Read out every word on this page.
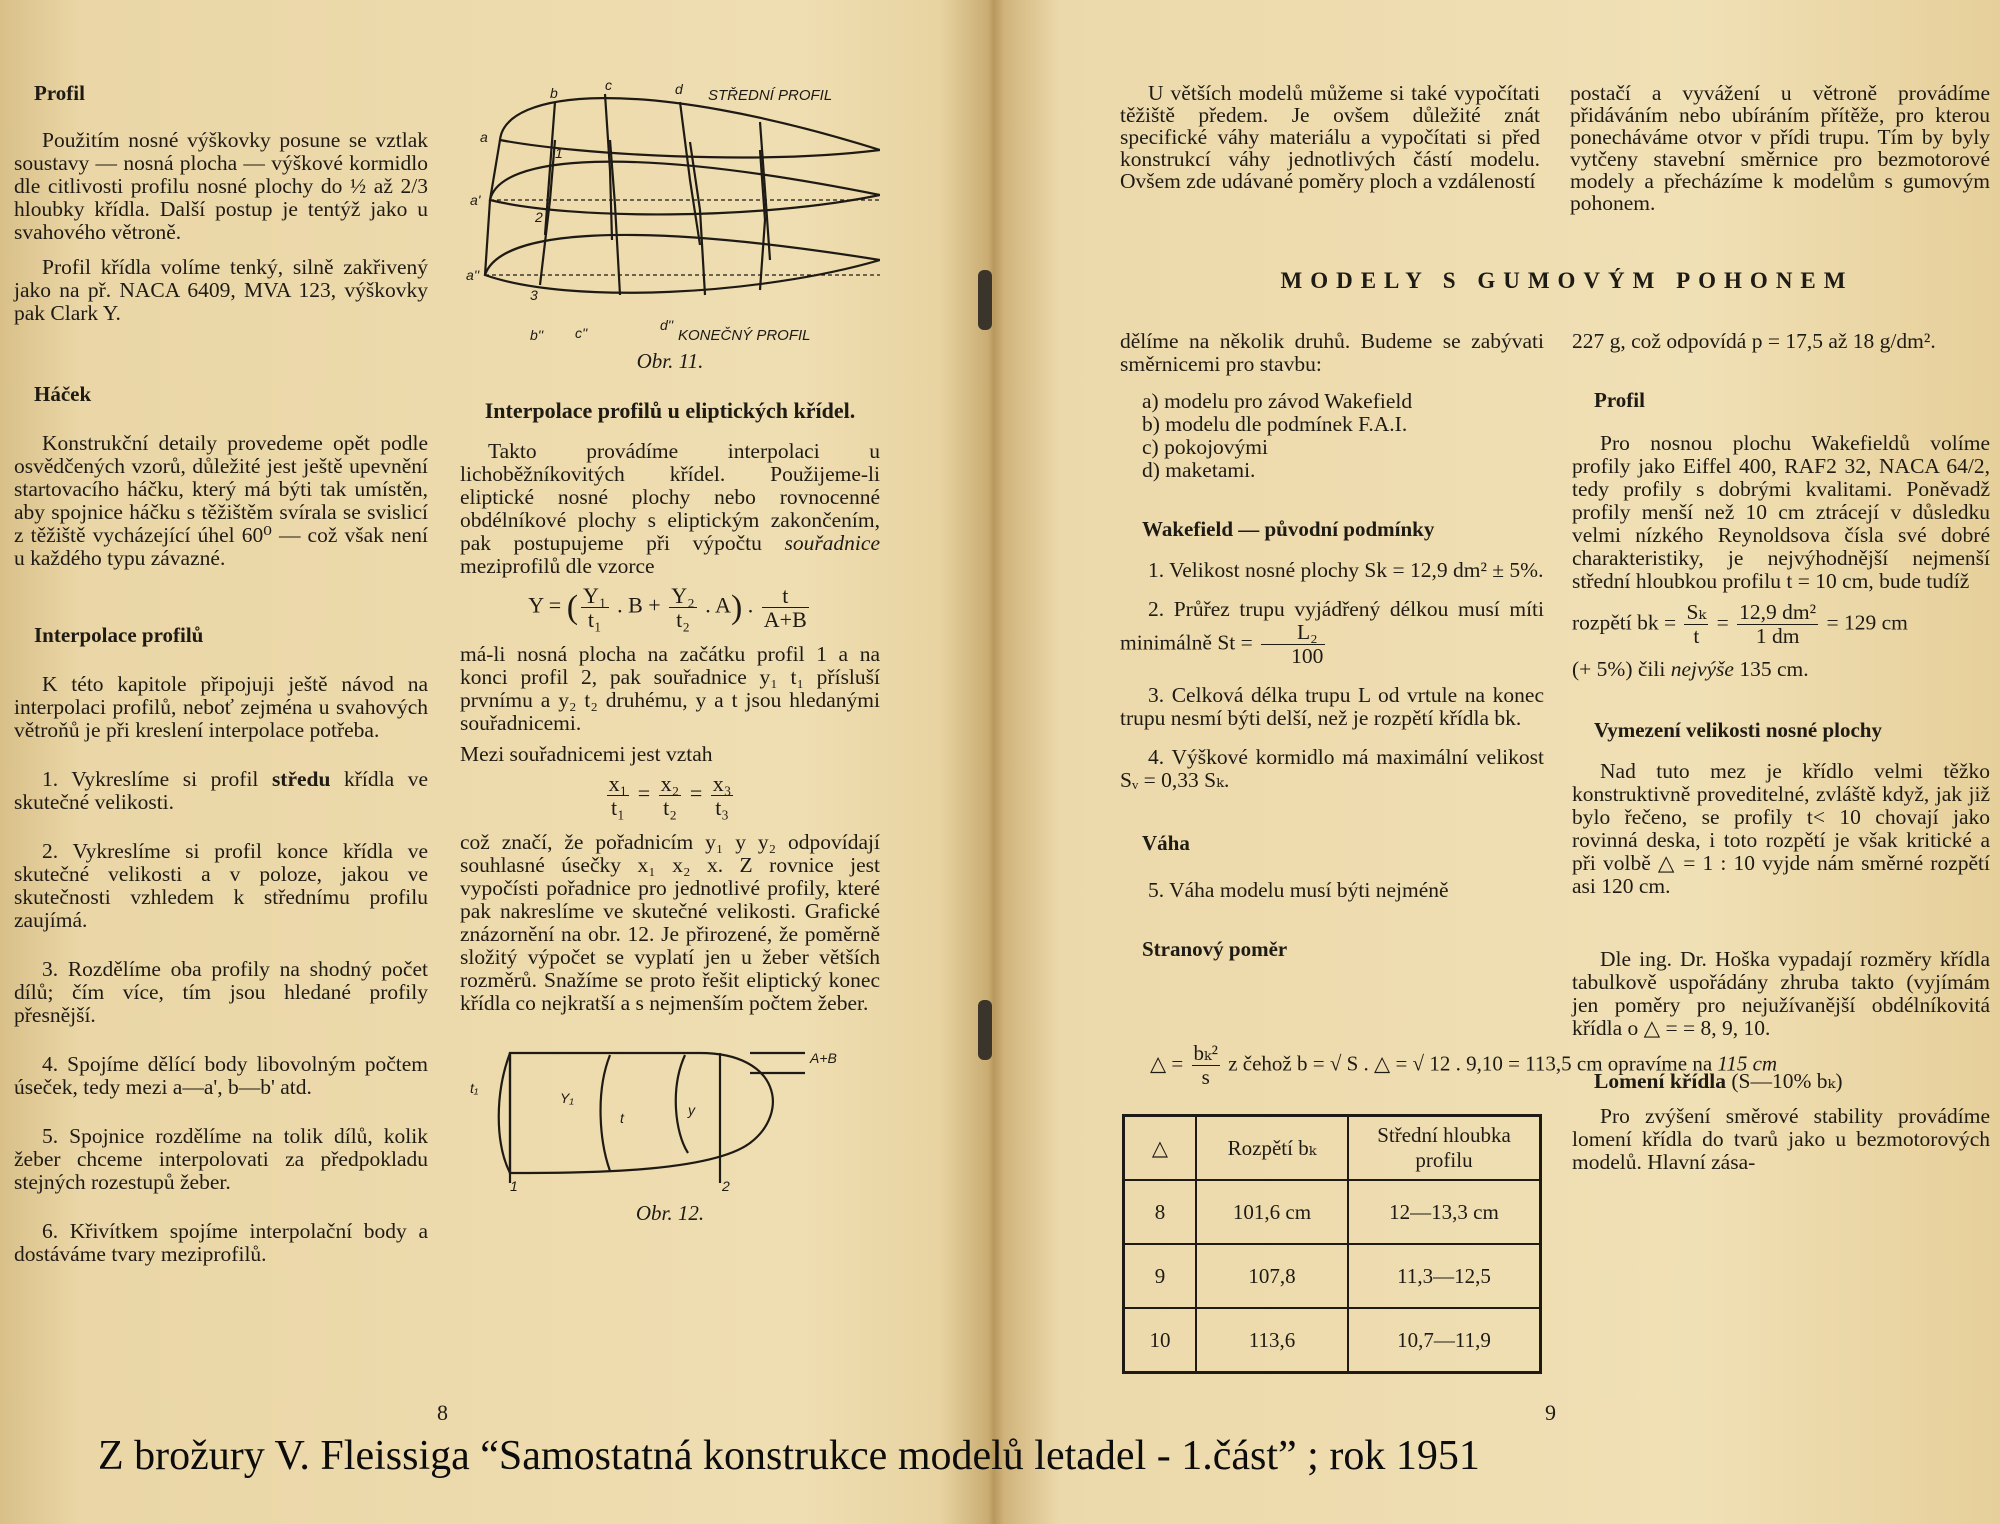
Profil

Použitím nosné výškovky posune se vztlak soustavy — nosná plocha — výškové kormidlo dle citlivosti profilu nosné plochy do ½ až 2/3 hloubky křídla. Další postup je tentýž jako u svahového větroně.

Profil křídla volíme tenký, silně zakřivený jako na př. NACA 6409, MVA 123, výškovky pak Clark Y.

Háček

Konstrukční detaily provedeme opět podle osvědčených vzorů, důležité jest ještě upevnění startovacího háčku, který má býti tak umístěn, aby spojnice háčku s těžištěm svírala se svislicí z těžiště vycházející úhel 60⁰ — což však není u každého typu závazné.

Interpolace profilů

K této kapitole připojuji ještě návod na interpolaci profilů, neboť zejména u svahových větroňů je při kreslení interpolace potřeba.

1. Vykreslíme si profil středu křídla ve skutečné velikosti.

2. Vykreslíme si profil konce křídla ve skutečné velikosti a v poloze, jakou ve skutečnosti vzhledem k střednímu profilu zaujímá.

3. Rozdělíme oba profily na shodný počet dílů; čím více, tím jsou hledané profily přesnější.

4. Spojíme dělící body libovolným počtem úseček, tedy mezi a—a', b—b' atd.

5. Spojnice rozdělíme na tolik dílů, kolik žeber chceme interpolovati za předpokladu stejných rozestupů žeber.

6. Křivítkem spojíme interpolační body a dostáváme tvary meziprofilů.

b	c	d
a
a'
a''
1
2
3
b'' c''	d''
STŘEDNÍ PROFIL
KONEČNÝ PROFIL
Obr. 11.
Interpolace profilů u eliptických křídel.

Takto provádíme interpolaci u lichoběžníkovitých křídel. Použijeme-li eliptické nosné plochy nebo rovnocenné obdélníkové plochy s eliptickým zakončením, pak postupujeme při výpočtu souřadnice meziprofilů dle vzorce

Y = ( $\frac{\text{Y₁}}{\text{t₁}}$ . $B + \frac{\text{Y₂}}{\text{t₂}}$ . A) . $\frac{t}{A+B}$

má-li nosná plocha na začátku profil 1 a na konci profil 2, pak souřadnice y₁ t₁ přísluší prvnímu a y₂ t₂ druhému, y a t jsou hledanými souřadnicemi.

Mezi souřadnicemi jest vztah

$\frac{\text{x₁}}{\text{t₁}} = \frac{\text{x₂}}{\text{t₂}} = \frac{\text{x₃}}{\text{t₃}}$

což značí, že pořadnicím y₁ y y₂ odpovídají souhlasné úsečky x₁ x₂ x. Z rovnice jest vypočísti pořadnice pro jednotlivé profily, které pak nakreslíme ve skutečné velikosti. Grafické znázornění na obr. 12. Je přirozené, že poměrně složitý výpočet se vyplatí jen u žeber větších rozměrů. Snažíme se proto řešit eliptický konec křídla co nejkratší a s nejmenším počtem žeber.

t₁
Y₁
t	y
A+B
1	2
Obr. 12.
8

U větších modelů můžeme si také vypočítati těžiště předem. Je ovšem důležité znát specifické váhy materiálu a vypočítati si před konstrukcí váhy jednotlivých částí modelu. Ovšem zde udávané poměry ploch a vzdáleností

postačí a vyvážení u větroně provádíme přidáváním nebo ubíráním přítěže, pro kterou ponecháváme otvor v přídi trupu. Tím by byly vytčeny stavební směrnice pro bezmotorové modely a přecházíme k modelům s gumovým pohonem.

MODELY S GUMOVÝM POHONEM

dělíme na několik druhů. Budeme se zabývati směrnicemi pro stavbu:

a) modelu pro závod Wakefield
b) modelu dle podmínek F.A.I.
c) pokojovými
d) maketami.
Wakefield — původní podmínky

1. Velikost nosné plochy Sk = 12,9 dm² ± 5%.

2. Průřez trupu vyjádřený délkou musí míti minimálně $St = \frac{\text{L₂}}{100}$

3. Celková délka trupu L od vrtule na konec trupu nesmí býti delší, než je rozpětí křídla bk.

4. Výškové kormidlo má maximální velikost Sᵥ = 0,33 Sₖ.

Váha

5. Váha modelu musí býti nejméně

Stranový poměr
△ = $\frac{\text{bₖ²}}{s}$ z čehož b = √ S . △ = √ 12 . 9,10 = 113,5 cm opravíme na 115 cm
△	Rozpětí bₖ	Střední hloubka profilu
8	101,6 cm	12—13,3 cm
9	107,8	11,3—12,5
10	113,6	10,7—11,9

227 g, což odpovídá p = 17,5 až 18 g/dm².

Profil

Pro nosnou plochu Wakefieldů volíme profily jako Eiffel 400, RAF2 32, NACA 64/2, tedy profily s dobrými kvalitami. Poněvadž profily menší než 10 cm ztrácejí v důsledku velmi nízkého Reynoldsova čísla své dobré charakteristiky, je nejvýhodnější nejmenší střední hloubkou profilu t = 10 cm, bude tudíž

rozpětí bk = $\frac{\text{Sₖ}}{t} = \frac{\text{12,9 dm²}}{1 dm} = 129$ cm

(+ 5%) čili nejvýše 135 cm.

Vymezení velikosti nosné plochy

Nad tuto mez je křídlo velmi těžko konstruktivně proveditelné, zvláště když, jak již bylo řečeno, se profily t< 10 chovají jako rovinná deska, i toto rozpětí je však kritické a při volbě △ = 1 : 10 vyjde nám směrné rozpětí asi 120 cm.

Dle ing. Dr. Hoška vypadají rozměry křídla tabulkově uspořádány zhruba takto (vyjímám jen poměry pro nejužívanější obdélníkovitá křídla o △ = = 8, 9, 10.

Lomení křídla (S—10% bₖ)

Pro zvýšení směrové stability provádíme lomení křídla do tvarů jako u bezmotorových modelů. Hlavní zása-

9
Z brožury V. Fleissiga “Samostatná konstrukce modelů letadel - 1.část” ; rok 1951
